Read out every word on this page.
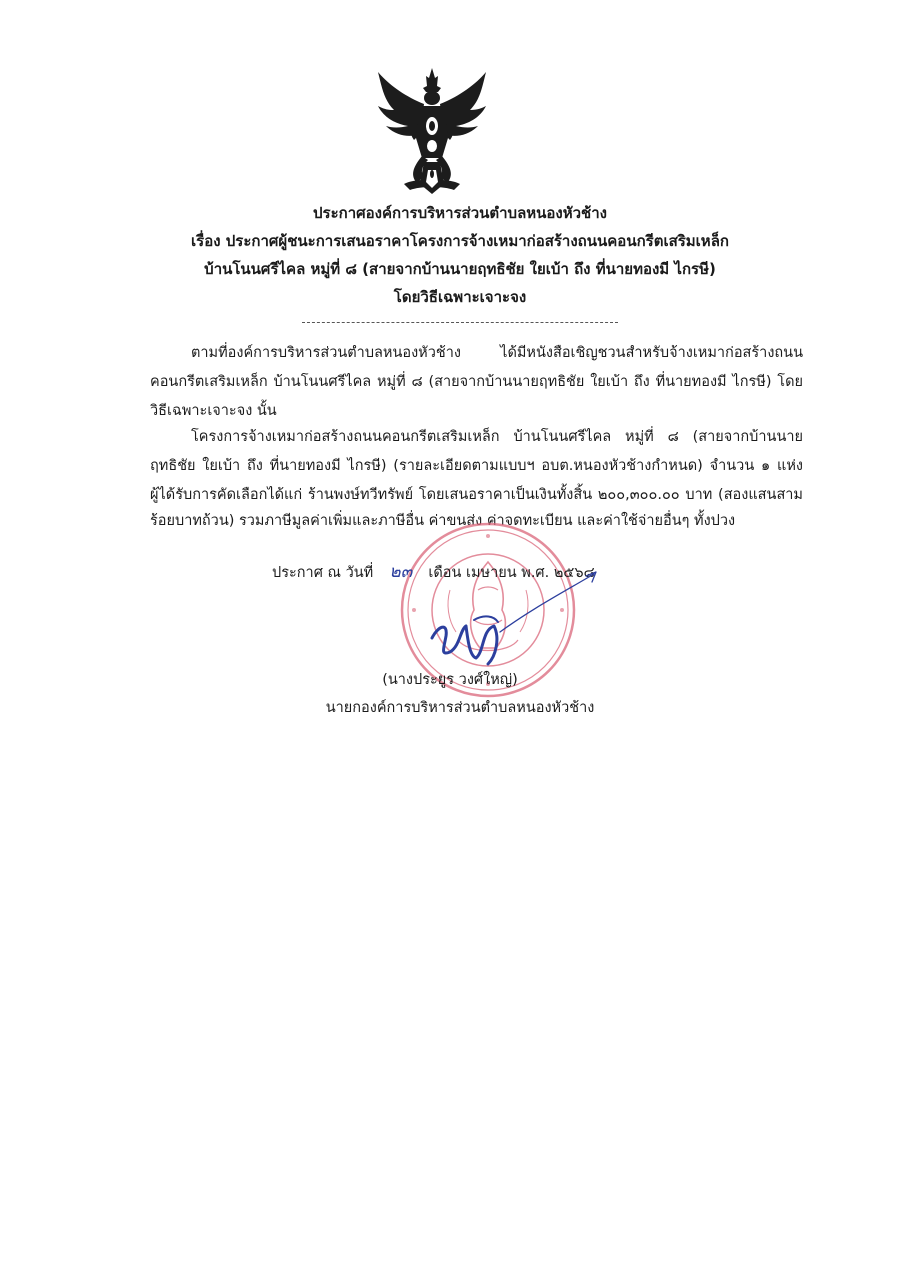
ประกาศองค์การบริหารส่วนตำบลหนองหัวช้าง
เรื่อง ประกาศผู้ชนะการเสนอราคาโครงการจ้างเหมาก่อสร้างถนนคอนกรีตเสริมเหล็ก
บ้านโนนศรีไคล หมู่ที่ ๘ (สายจากบ้านนายฤทธิชัย ใยเบ้า ถึง ที่นายทองมี ไกรษี)
โดยวิธีเฉพาะเจาะจง
ตามที่องค์การบริหารส่วนตำบลหนองหัวช้าง ได้มีหนังสือเชิญชวนสำหรับจ้างเหมาก่อสร้างถนน
คอนกรีตเสริมเหล็ก บ้านโนนศรีไคล หมู่ที่ ๘ (สายจากบ้านนายฤทธิชัย ใยเบ้า ถึง ที่นายทองมี ไกรษี) โดย
วิธีเฉพาะเจาะจง นั้น
โครงการจ้างเหมาก่อสร้างถนนคอนกรีตเสริมเหล็ก บ้านโนนศรีไคล หมู่ที่ ๘ (สายจากบ้านนาย
ฤทธิชัย ใยเบ้า ถึง ที่นายทองมี ไกรษี) (รายละเอียดตามแบบฯ อบต.หนองหัวช้างกำหนด) จำนวน ๑ แห่ง
ผู้ได้รับการคัดเลือกได้แก่ ร้านพงษ์ทวีทรัพย์ โดยเสนอราคาเป็นเงินทั้งสิ้น ๒๐๐,๓๐๐.๐๐ บาท (สองแสนสาม
ร้อยบาทถ้วน) รวมภาษีมูลค่าเพิ่มและภาษีอื่น ค่าขนส่ง ค่าจดทะเบียน และค่าใช้จ่ายอื่นๆ ทั้งปวง
ประกาศ ณ วันที่ ๒๓ เดือน เมษายน พ.ศ. ๒๕๖๘
(นางประยูร วงศ์ใหญ่)
นายกองค์การบริหารส่วนตำบลหนองหัวช้าง
